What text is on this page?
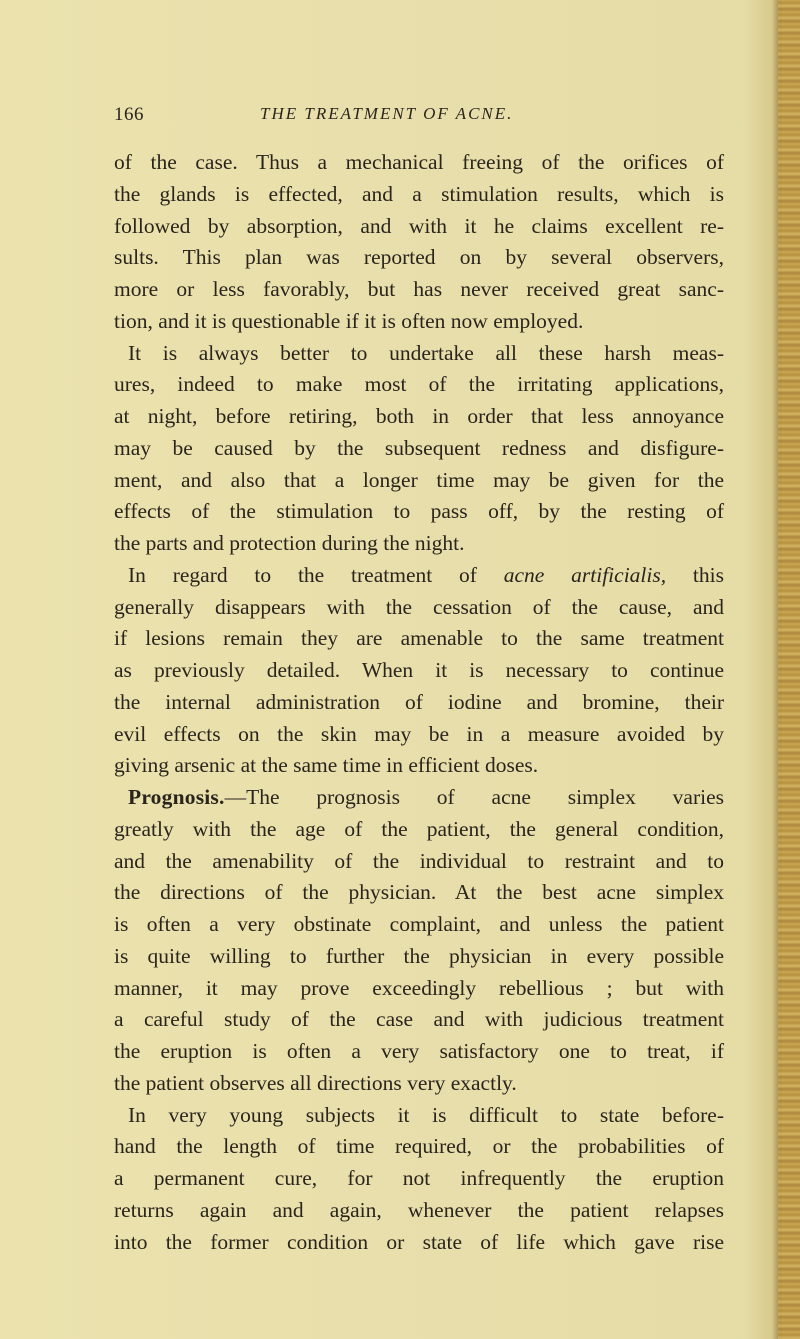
166	THE TREATMENT OF ACNE.
of the case. Thus a mechanical freeing of the orifices of
the glands is effected, and a stimulation results, which is
followed by absorption, and with it he claims excellent re-
sults. This plan was reported on by several observers,
more or less favorably, but has never received great sanc-
tion, and it is questionable if it is often now employed.
It is always better to undertake all these harsh meas-
ures, indeed to make most of the irritating applications,
at night, before retiring, both in order that less annoyance
may be caused by the subsequent redness and disfigure-
ment, and also that a longer time may be given for the
effects of the stimulation to pass off, by the resting of
the parts and protection during the night.
In regard to the treatment of acne artificialis, this
generally disappears with the cessation of the cause, and
if lesions remain they are amenable to the same treatment
as previously detailed. When it is necessary to continue
the internal administration of iodine and bromine, their
evil effects on the skin may be in a measure avoided by
giving arsenic at the same time in efficient doses.
Prognosis.—The prognosis of acne simplex varies
greatly with the age of the patient, the general condition,
and the amenability of the individual to restraint and to
the directions of the physician. At the best acne simplex
is often a very obstinate complaint, and unless the patient
is quite willing to further the physician in every possible
manner, it may prove exceedingly rebellious ; but with
a careful study of the case and with judicious treatment
the eruption is often a very satisfactory one to treat, if
the patient observes all directions very exactly.
In very young subjects it is difficult to state before-
hand the length of time required, or the probabilities of
a permanent cure, for not infrequently the eruption
returns again and again, whenever the patient relapses
into the former condition or state of life which gave rise
